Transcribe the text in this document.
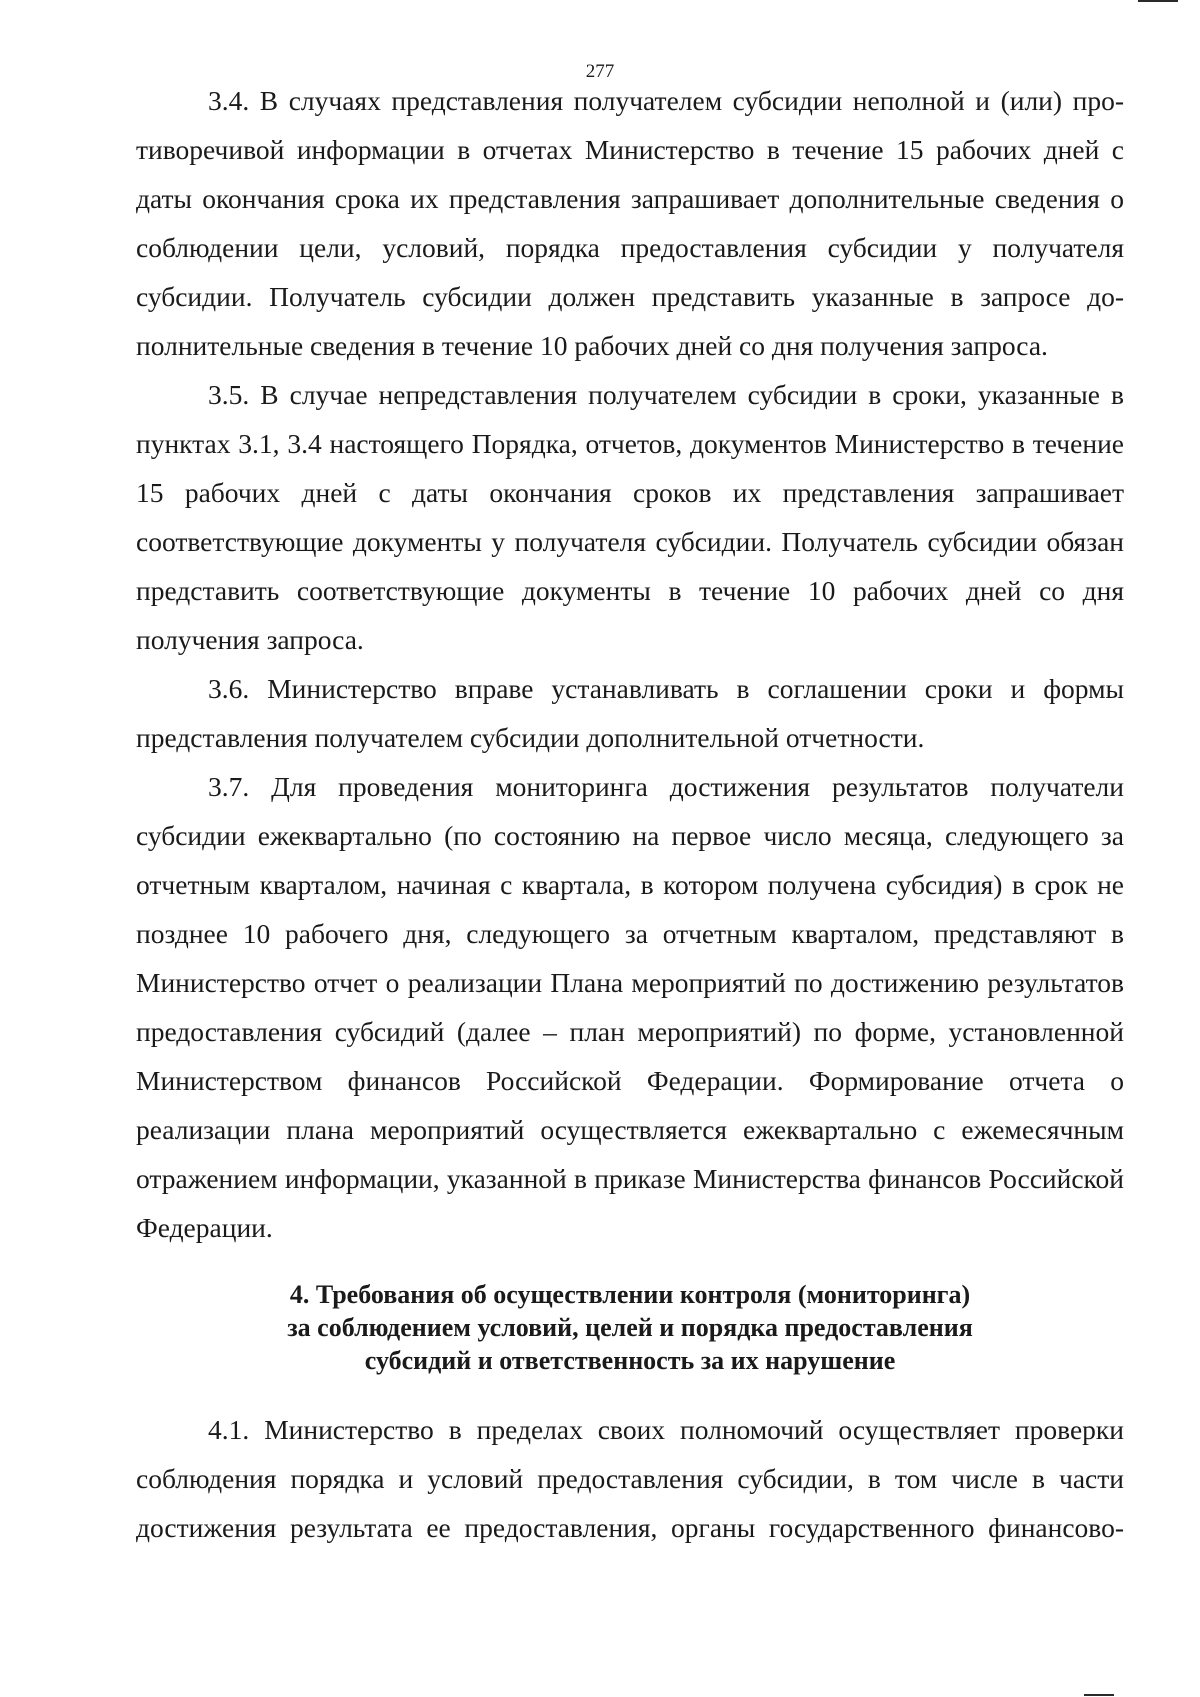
277

3.4. В случаях представления получателем субсидии неполной и (или) противоречивой информации в отчетах Министерство в течение 15 рабочих дней с даты окончания срока их представления запрашивает дополнительные сведения о соблюдении цели, условий, порядка предоставления субсидии у получателя субсидии. Получатель субсидии должен представить указанные в запросе дополнительные сведения в течение 10 рабочих дней со дня получения запроса.

3.5. В случае непредставления получателем субсидии в сроки, указанные в пунктах 3.1, 3.4 настоящего Порядка, отчетов, документов Министерство в течение 15 рабочих дней с даты окончания сроков их представления запрашивает соответствующие документы у получателя субсидии. Получатель субсидии обязан представить соответствующие документы в течение 10 рабочих дней со дня получения запроса.

3.6. Министерство вправе устанавливать в соглашении сроки и формы представления получателем субсидии дополнительной отчетности.

3.7. Для проведения мониторинга достижения результатов получатели субсидии ежеквартально (по состоянию на первое число месяца, следующего за отчетным кварталом, начиная с квартала, в котором получена субсидия) в срок не позднее 10 рабочего дня, следующего за отчетным кварталом, представляют в Министерство отчет о реализации Плана мероприятий по достижению результатов предоставления субсидий (далее – план мероприятий) по форме, установленной Министерством финансов Российской Федерации. Формирование отчета о реализации плана мероприятий осуществляется ежеквартально с ежемесячным отражением информации, указанной в приказе Министерства финансов Российской Федерации.

4. Требования об осуществлении контроля (мониторинга)
за соблюдением условий, целей и порядка предоставления
субсидий и ответственность за их нарушение

4.1. Министерство в пределах своих полномочий осуществляет проверки соблюдения порядка и условий предоставления субсидии, в том числе в части достижения результата ее предоставления, органы государственного финансово-
